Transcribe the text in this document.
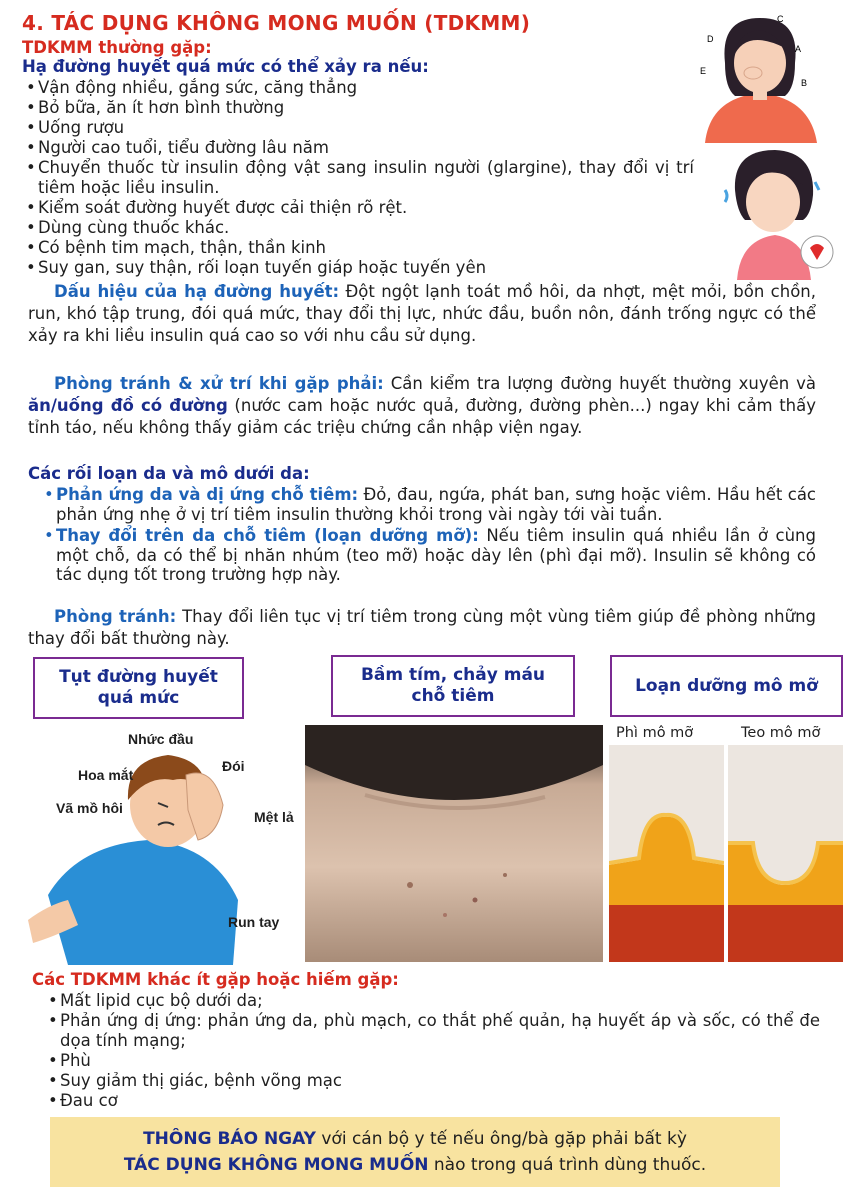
4. TÁC DỤNG KHÔNG MONG MUỐN (TDKMM)
TDKMM thường gặp:
Hạ đường huyết quá mức có thể xảy ra nếu:
• Vận động nhiều, gắng sức, căng thẳng
• Bỏ bữa, ăn ít hơn bình thường
• Uống rượu
• Người cao tuổi, tiểu đường lâu năm
• Chuyển thuốc từ insulin động vật sang insulin người (glargine), thay đổi vị trí tiêm hoặc liều insulin.
• Kiểm soát đường huyết được cải thiện rõ rệt.
• Dùng cùng thuốc khác.
• Có bệnh tim mạch, thận, thần kinh
• Suy gan, suy thận, rối loạn tuyến giáp hoặc tuyến yên
C
D
A
E
B

Dấu hiệu của hạ đường huyết: Đột ngột lạnh toát mồ hôi, da nhợt, mệt mỏi, bồn chồn, run, khó tập trung, đói quá mức, thay đổi thị lực, nhức đầu, buồn nôn, đánh trống ngực có thể xảy ra khi liều insulin quá cao so với nhu cầu sử dụng.

Phòng tránh & xử trí khi gặp phải: Cần kiểm tra lượng đường huyết thường xuyên và ăn/uống đồ có đường (nước cam hoặc nước quả, đường, đường phèn...) ngay khi cảm thấy tỉnh táo, nếu không thấy giảm các triệu chứng cần nhập viện ngay.

Các rối loạn da và mô dưới da:
• Phản ứng da và dị ứng chỗ tiêm: Đỏ, đau, ngứa, phát ban, sưng hoặc viêm. Hầu hết các phản ứng nhẹ ở vị trí tiêm insulin thường khỏi trong vài ngày tới vài tuần.
• Thay đổi trên da chỗ tiêm (loạn dưỡng mỡ): Nếu tiêm insulin quá nhiều lần ở cùng một chỗ, da có thể bị nhăn nhúm (teo mỡ) hoặc dày lên (phì đại mỡ). Insulin sẽ không có tác dụng tốt trong trường hợp này.

Phòng tránh: Thay đổi liên tục vị trí tiêm trong cùng một vùng tiêm giúp đề phòng những thay đổi bất thường này.

Tụt đường huyết quá mức
Bầm tím, chảy máu chỗ tiêm
Loạn dưỡng mô mỡ
Nhức đầu
Hoa mắt
Đói
Vã mồ hôi
Mệt lả
Run tay
Phì mô mỡ	Teo mô mỡ
Các TDKMM khác ít gặp hoặc hiếm gặp:
• Mất lipid cục bộ dưới da;
• Phản ứng dị ứng: phản ứng da, phù mạch, co thắt phế quản, hạ huyết áp và sốc, có thể đe dọa tính mạng;
• Phù
• Suy giảm thị giác, bệnh võng mạc
• Đau cơ
THÔNG BÁO NGAY với cán bộ y tế nếu ông/bà gặp phải bất kỳ
TÁC DỤNG KHÔNG MONG MUỐN nào trong quá trình dùng thuốc.
